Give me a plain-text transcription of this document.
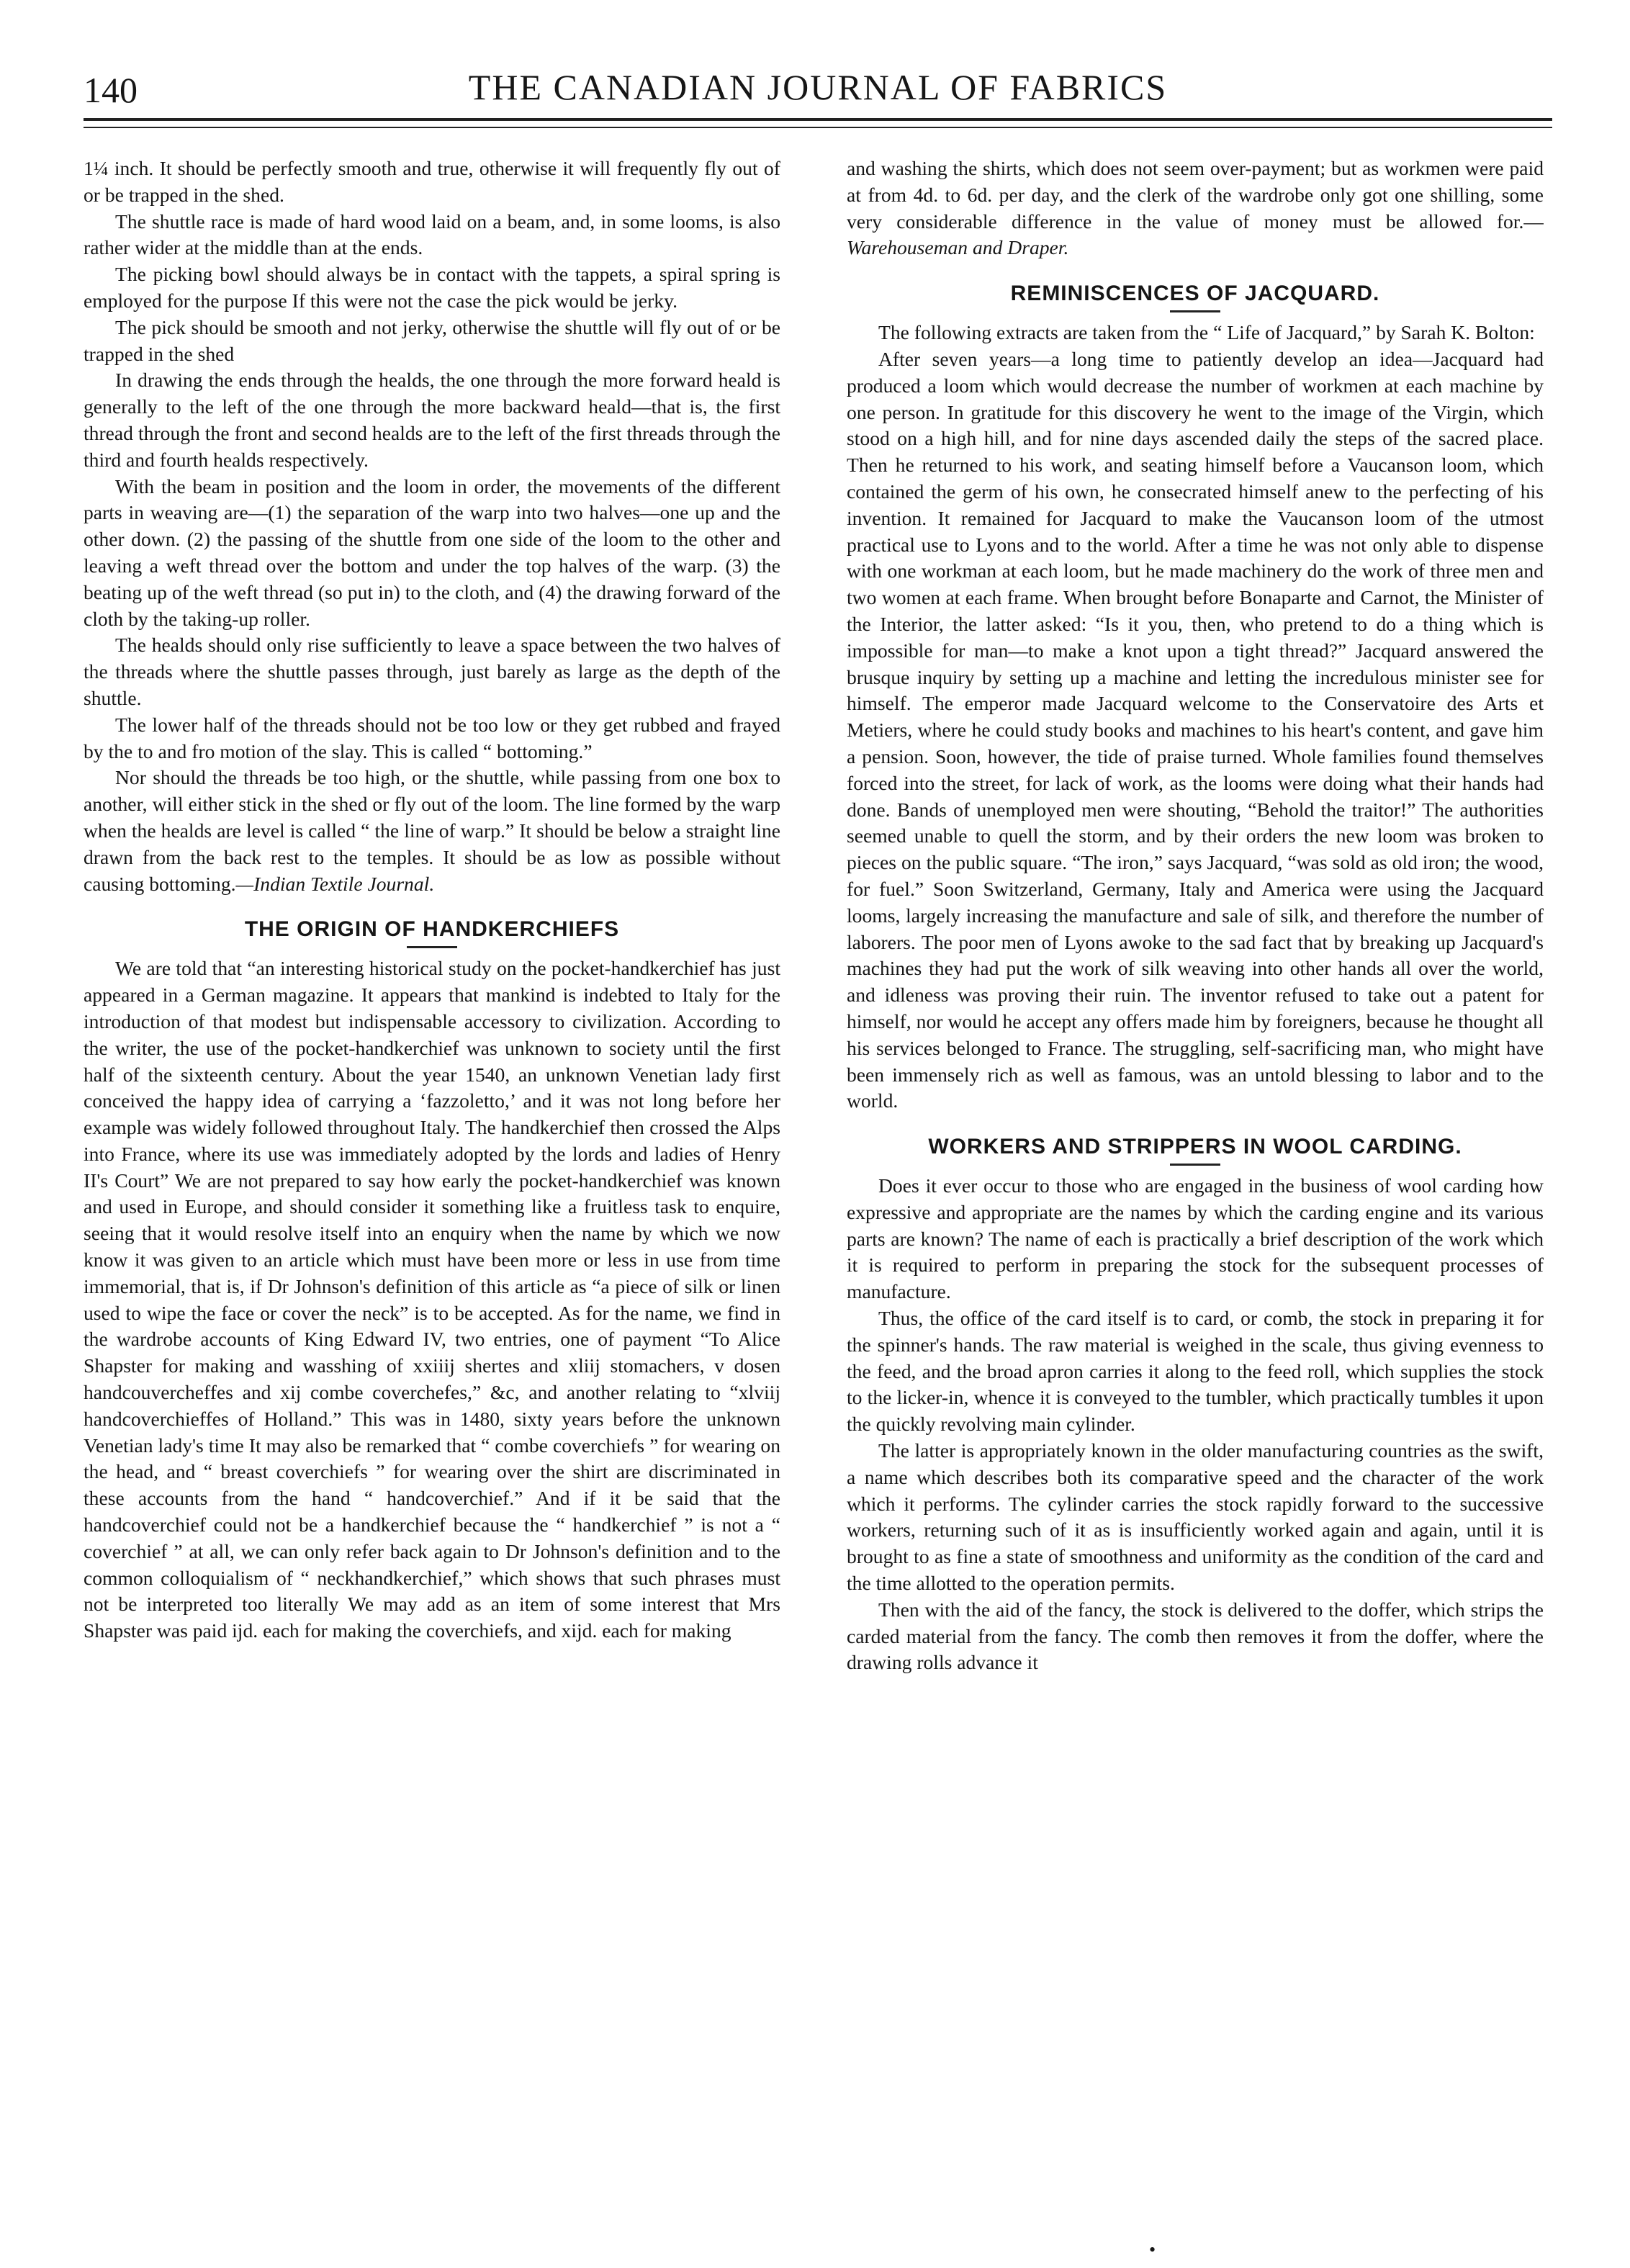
140	THE CANADIAN JOURNAL OF FABRICS

1¼ inch. It should be perfectly smooth and true, otherwise it will frequently fly out of or be trapped in the shed.

The shuttle race is made of hard wood laid on a beam, and, in some looms, is also rather wider at the middle than at the ends.

The picking bowl should always be in contact with the tappets, a spiral spring is employed for the purpose If this were not the case the pick would be jerky.

The pick should be smooth and not jerky, otherwise the shuttle will fly out of or be trapped in the shed

In drawing the ends through the healds, the one through the more forward heald is generally to the left of the one through the more backward heald—that is, the first thread through the front and second healds are to the left of the first threads through the third and fourth healds respectively.

With the beam in position and the loom in order, the movements of the different parts in weaving are—(1) the separation of the warp into two halves—one up and the other down. (2) the passing of the shuttle from one side of the loom to the other and leaving a weft thread over the bottom and under the top halves of the warp. (3) the beating up of the weft thread (so put in) to the cloth, and (4) the drawing forward of the cloth by the taking-up roller.

The healds should only rise sufficiently to leave a space between the two halves of the threads where the shuttle passes through, just barely as large as the depth of the shuttle.

The lower half of the threads should not be too low or they get rubbed and frayed by the to and fro motion of the slay. This is called “ bottoming.”

Nor should the threads be too high, or the shuttle, while passing from one box to another, will either stick in the shed or fly out of the loom. The line formed by the warp when the healds are level is called “ the line of warp.” It should be below a straight line drawn from the back rest to the temples. It should be as low as possible without causing bottoming.—Indian Textile Journal.

THE ORIGIN OF HANDKERCHIEFS

We are told that “an interesting historical study on the pocket-handkerchief has just appeared in a German magazine. It appears that mankind is indebted to Italy for the introduction of that modest but indispensable accessory to civilization. According to the writer, the use of the pocket-handkerchief was unknown to society until the first half of the sixteenth century. About the year 1540, an unknown Venetian lady first conceived the happy idea of carrying a ‘fazzoletto,’ and it was not long before her example was widely followed throughout Italy. The handkerchief then crossed the Alps into France, where its use was immediately adopted by the lords and ladies of Henry II's Court” We are not prepared to say how early the pocket-handkerchief was known and used in Europe, and should consider it something like a fruitless task to enquire, seeing that it would resolve itself into an enquiry when the name by which we now know it was given to an article which must have been more or less in use from time immemorial, that is, if Dr Johnson's definition of this article as “a piece of silk or linen used to wipe the face or cover the neck” is to be accepted. As for the name, we find in the wardrobe accounts of King Edward IV, two entries, one of payment “To Alice Shapster for making and wasshing of xxiiij shertes and xliij stomachers, v dosen handcouvercheffes and xij combe coverchefes,” &c, and another relating to “xlviij handcoverchieffes of Holland.” This was in 1480, sixty years before the unknown Venetian lady's time It may also be remarked that “ combe coverchiefs ” for wearing on the head, and “ breast coverchiefs ” for wearing over the shirt are discriminated in these accounts from the hand “ handcoverchief.” And if it be said that the handcoverchief could not be a handkerchief because the “ handkerchief ” is not a “ coverchief ” at all, we can only refer back again to Dr Johnson's definition and to the common colloquialism of “ neckhandkerchief,” which shows that such phrases must not be interpreted too literally We may add as an item of some interest that Mrs Shapster was paid ijd. each for making the coverchiefs, and xijd. each for making

and washing the shirts, which does not seem over-payment; but as workmen were paid at from 4d. to 6d. per day, and the clerk of the wardrobe only got one shilling, some very considerable difference in the value of money must be allowed for.—Warehouseman and Draper.

REMINISCENCES OF JACQUARD.

The following extracts are taken from the “ Life of Jacquard,” by Sarah K. Bolton:

After seven years—a long time to patiently develop an idea—Jacquard had produced a loom which would decrease the number of workmen at each machine by one person. In gratitude for this discovery he went to the image of the Virgin, which stood on a high hill, and for nine days ascended daily the steps of the sacred place. Then he returned to his work, and seating himself before a Vaucanson loom, which contained the germ of his own, he consecrated himself anew to the perfecting of his invention. It remained for Jacquard to make the Vaucanson loom of the utmost practical use to Lyons and to the world. After a time he was not only able to dispense with one workman at each loom, but he made machinery do the work of three men and two women at each frame. When brought before Bonaparte and Carnot, the Minister of the Interior, the latter asked: “Is it you, then, who pretend to do a thing which is impossible for man—to make a knot upon a tight thread?” Jacquard answered the brusque inquiry by setting up a machine and letting the incredulous minister see for himself. The emperor made Jacquard welcome to the Conservatoire des Arts et Metiers, where he could study books and machines to his heart's content, and gave him a pension. Soon, however, the tide of praise turned. Whole families found themselves forced into the street, for lack of work, as the looms were doing what their hands had done. Bands of unemployed men were shouting, “Behold the traitor!” The authorities seemed unable to quell the storm, and by their orders the new loom was broken to pieces on the public square. “The iron,” says Jacquard, “was sold as old iron; the wood, for fuel.” Soon Switzerland, Germany, Italy and America were using the Jacquard looms, largely increasing the manufacture and sale of silk, and therefore the number of laborers. The poor men of Lyons awoke to the sad fact that by breaking up Jacquard's machines they had put the work of silk weaving into other hands all over the world, and idleness was proving their ruin. The inventor refused to take out a patent for himself, nor would he accept any offers made him by foreigners, because he thought all his services belonged to France. The struggling, self-sacrificing man, who might have been immensely rich as well as famous, was an untold blessing to labor and to the world.

WORKERS AND STRIPPERS IN WOOL CARDING.

Does it ever occur to those who are engaged in the business of wool carding how expressive and appropriate are the names by which the carding engine and its various parts are known? The name of each is practically a brief description of the work which it is required to perform in preparing the stock for the subsequent processes of manufacture.

Thus, the office of the card itself is to card, or comb, the stock in preparing it for the spinner's hands. The raw material is weighed in the scale, thus giving evenness to the feed, and the broad apron carries it along to the feed roll, which supplies the stock to the licker-in, whence it is conveyed to the tumbler, which practically tumbles it upon the quickly revolving main cylinder.

The latter is appropriately known in the older manufacturing countries as the swift, a name which describes both its comparative speed and the character of the work which it performs. The cylinder carries the stock rapidly forward to the successive workers, returning such of it as is insufficiently worked again and again, until it is brought to as fine a state of smoothness and uniformity as the condition of the card and the time allotted to the operation permits.

Then with the aid of the fancy, the stock is delivered to the doffer, which strips the carded material from the fancy. The comb then removes it from the doffer, where the drawing rolls advance it

•
